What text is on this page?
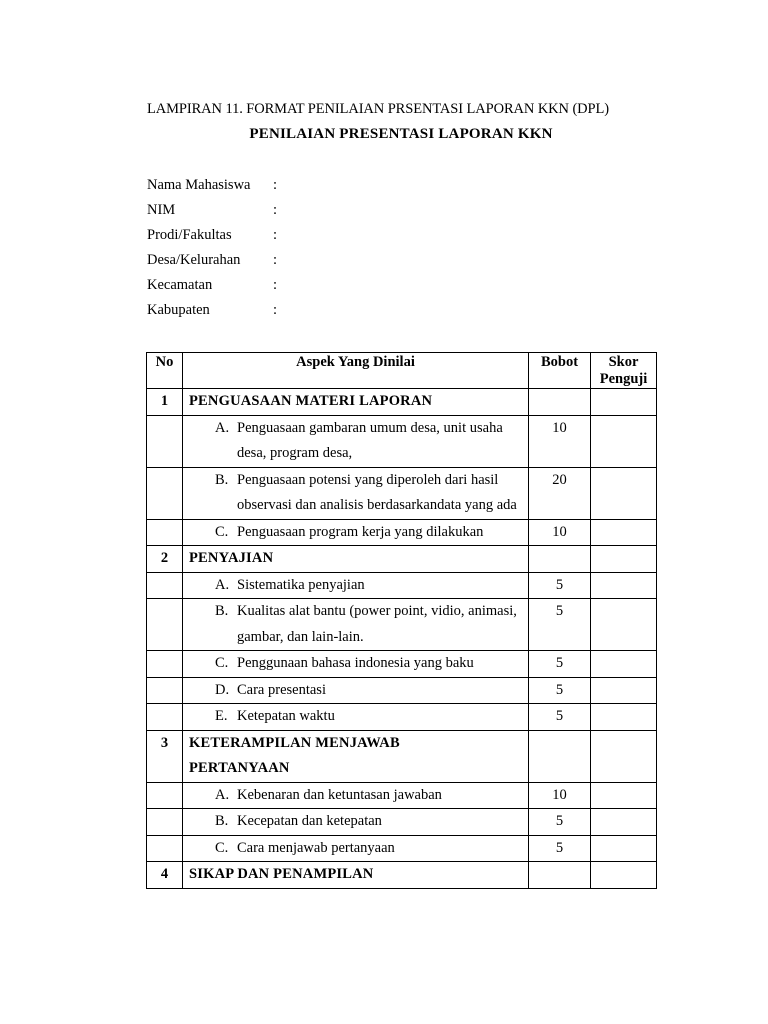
LAMPIRAN 11. FORMAT PENILAIAN PRSENTASI LAPORAN KKN (DPL)
PENILAIAN PRESENTASI LAPORAN KKN
Nama Mahasiswa :
NIM	:
Prodi/Fakultas	:
Desa/Kelurahan :
Kecamatan	:
Kabupaten	:
No	Aspek Yang Dinilai	Bobot	Skor Penguji
1	PENGUASAAN MATERI LAPORAN		

	A. Penguasaan gambaran umum desa, unit usaha desa, program desa,	10	

	B. Penguasaan potensi yang diperoleh dari hasil observasi dan analisis berdasarkandata yang ada	20	

	C. Penguasaan program kerja yang dilakukan	10	
2	PENYAJIAN		

	A. Sistematika penyajian	5	

	B. Kualitas alat bantu (power point, vidio, animasi, gambar, dan lain-lain.	5	

	C. Penggunaan bahasa indonesia yang baku	5	

	D. Cara presentasi	5	

	E. Ketepatan waktu	5	
3	KETERAMPILAN MENJAWAB PERTANYAAN		

	A. Kebenaran dan ketuntasan jawaban	10	

	B. Kecepatan dan ketepatan	5	

	C. Cara menjawab pertanyaan	5	
4	SIKAP DAN PENAMPILAN		
